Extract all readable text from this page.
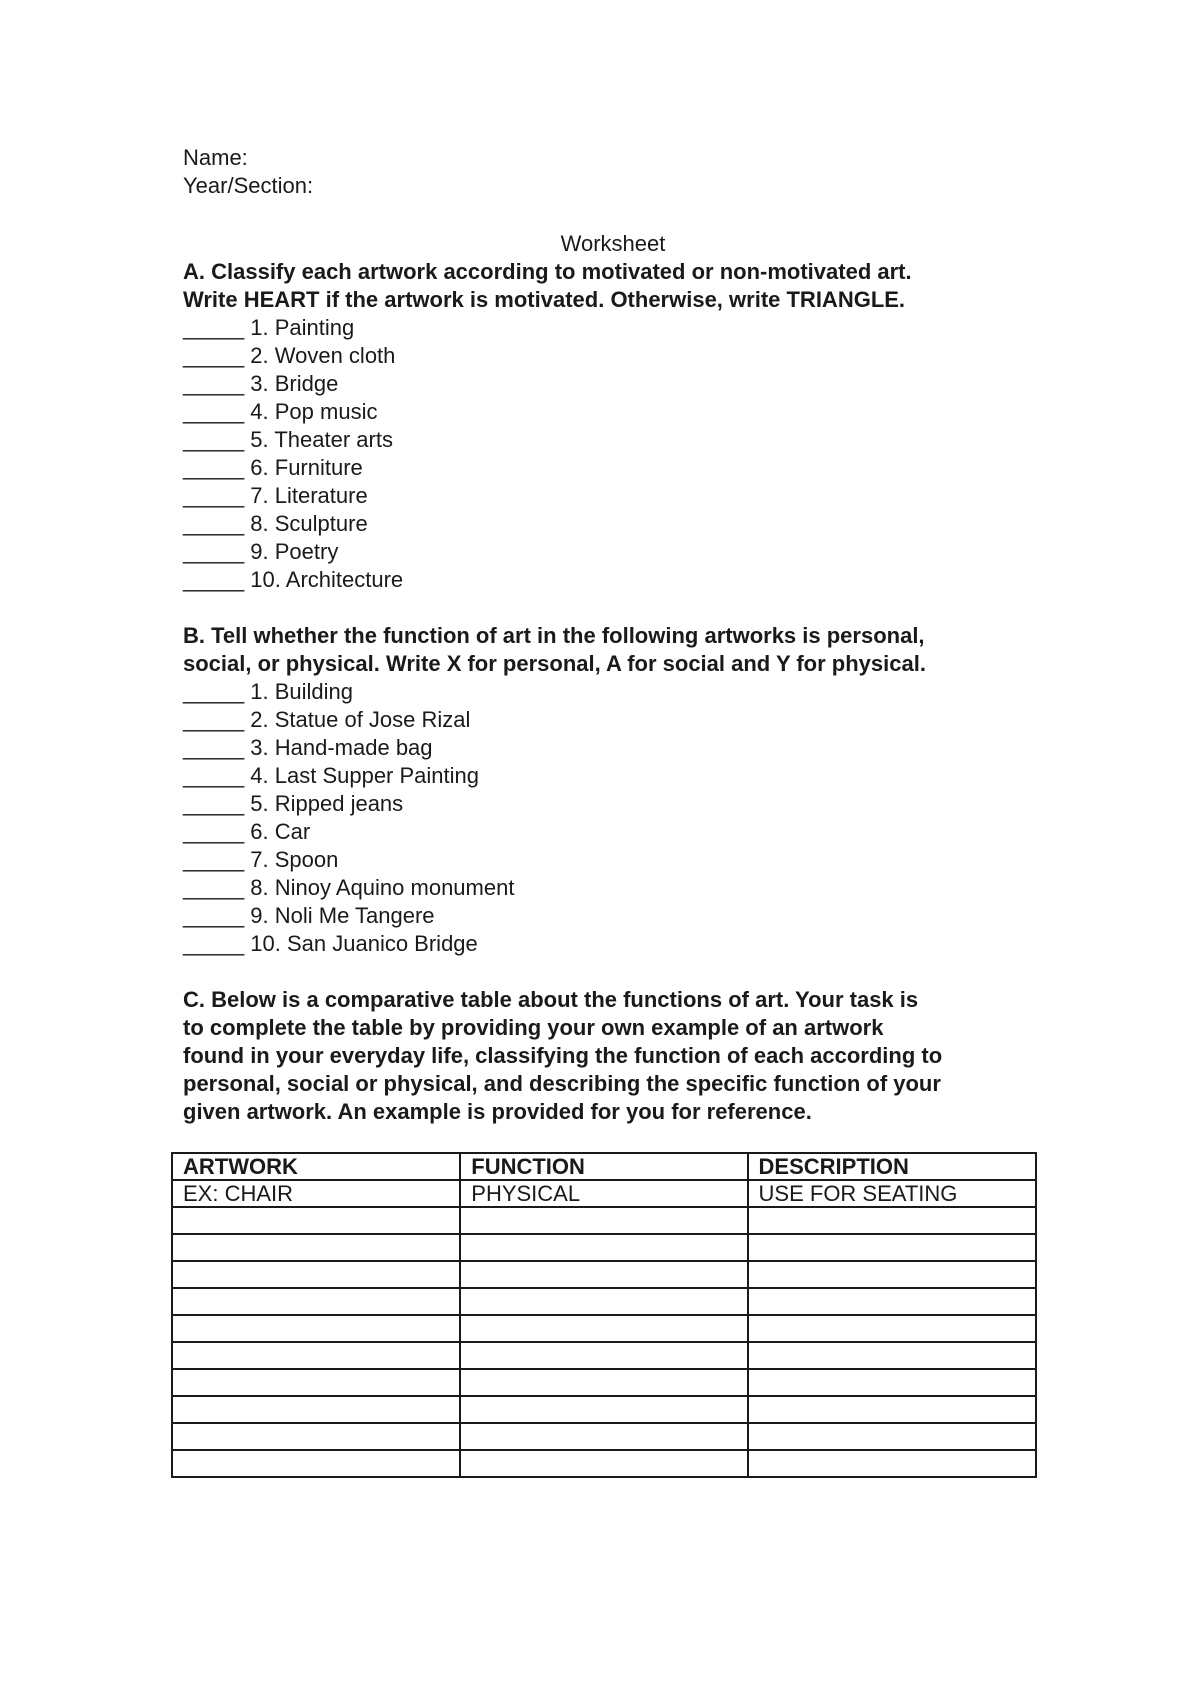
Name:
Year/Section:
Worksheet
A. Classify each artwork according to motivated or non-motivated art.
Write HEART if the artwork is motivated. Otherwise, write TRIANGLE.
_____ 1. Painting
_____ 2. Woven cloth
_____ 3. Bridge
_____ 4. Pop music
_____ 5. Theater arts
_____ 6. Furniture
_____ 7. Literature
_____ 8. Sculpture
_____ 9. Poetry
_____ 10. Architecture
B. Tell whether the function of art in the following artworks is personal,
social, or physical. Write X for personal, A for social and Y for physical.
_____ 1. Building
_____ 2. Statue of Jose Rizal
_____ 3. Hand-made bag
_____ 4. Last Supper Painting
_____ 5. Ripped jeans
_____ 6. Car
_____ 7. Spoon
_____ 8. Ninoy Aquino monument
_____ 9. Noli Me Tangere
_____ 10. San Juanico Bridge
C. Below is a comparative table about the functions of art. Your task is
to complete the table by providing your own example of an artwork
found in your everyday life, classifying the function of each according to
personal, social or physical, and describing the specific function of your
given artwork. An example is provided for you for reference.
ARTWORK	FUNCTION	DESCRIPTION
EX: CHAIR	PHYSICAL	USE FOR SEATING
